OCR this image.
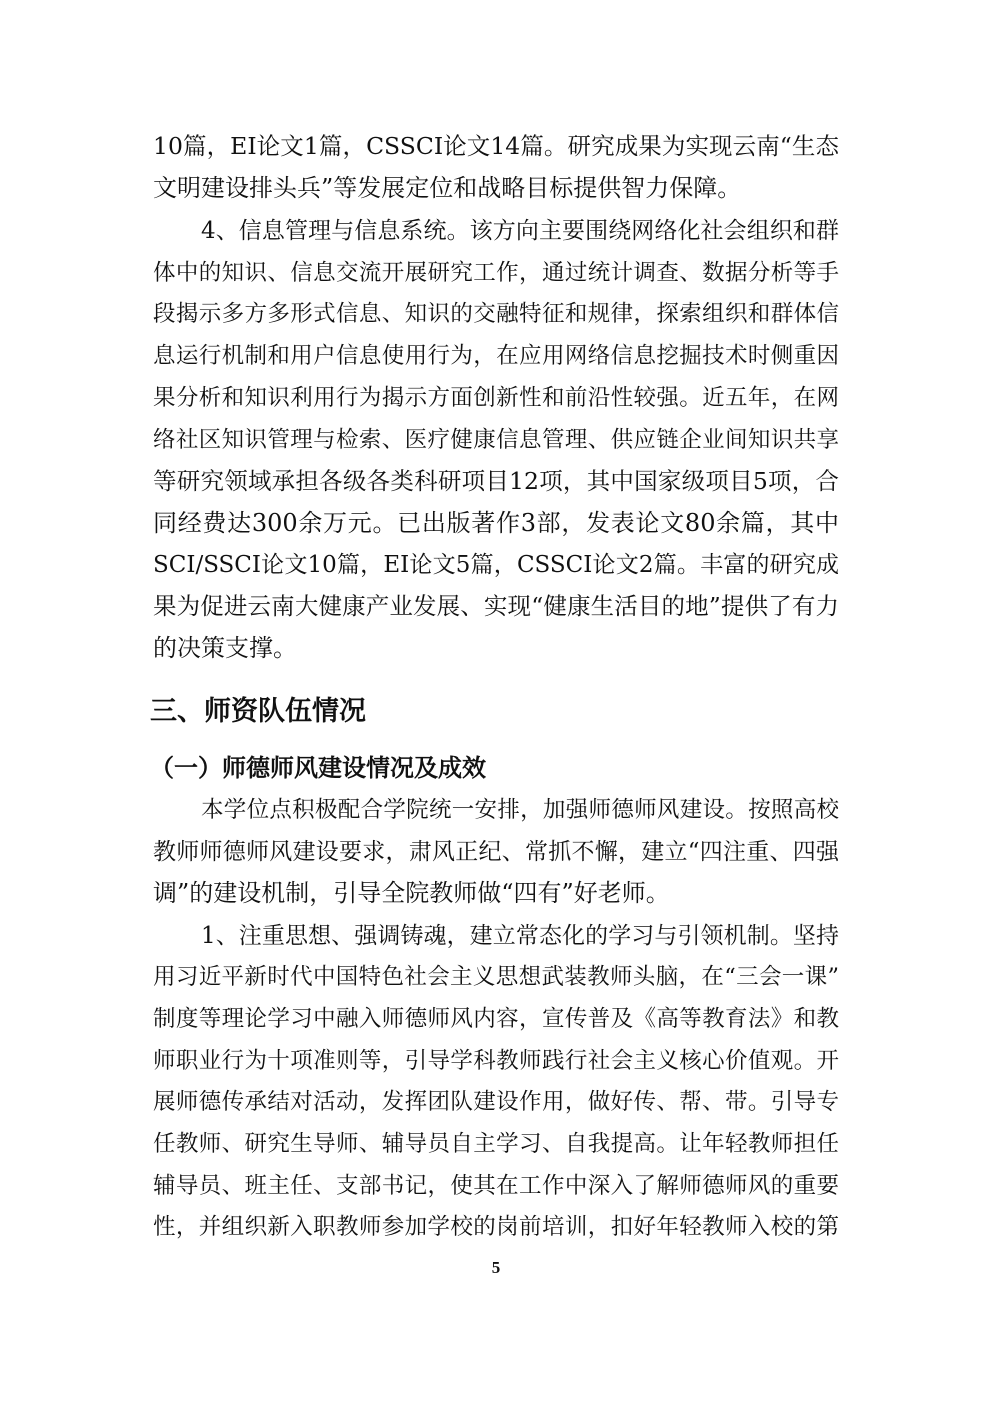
10篇，EI论文1篇，CSSCI论文14篇。研究成果为实现云南“生态
文明建设排头兵”等发展定位和战略目标提供智力保障。
4、信息管理与信息系统。该方向主要围绕网络化社会组织和群
体中的知识、信息交流开展研究工作，通过统计调查、数据分析等手
段揭示多方多形式信息、知识的交融特征和规律，探索组织和群体信
息运行机制和用户信息使用行为，在应用网络信息挖掘技术时侧重因
果分析和知识利用行为揭示方面创新性和前沿性较强。近五年，在网
络社区知识管理与检索、医疗健康信息管理、供应链企业间知识共享
等研究领域承担各级各类科研项目12项，其中国家级项目5项，合
同经费达300余万元。已出版著作3部，发表论文80余篇，其中
SCI/SSCI论文10篇，EI论文5篇，CSSCI论文2篇。丰富的研究成
果为促进云南大健康产业发展、实现“健康生活目的地”提供了有力
的决策支撑。
三、师资队伍情况
（一）师德师风建设情况及成效
本学位点积极配合学院统一安排，加强师德师风建设。按照高校
教师师德师风建设要求，肃风正纪、常抓不懈，建立“四注重、四强
调”的建设机制，引导全院教师做“四有”好老师。
1、注重思想、强调铸魂，建立常态化的学习与引领机制。坚持
用习近平新时代中国特色社会主义思想武装教师头脑，在“三会一课”
制度等理论学习中融入师德师风内容，宣传普及《高等教育法》和教
师职业行为十项准则等，引导学科教师践行社会主义核心价值观。开
展师德传承结对活动，发挥团队建设作用，做好传、帮、带。引导专
任教师、研究生导师、辅导员自主学习、自我提高。让年轻教师担任
辅导员、班主任、支部书记，使其在工作中深入了解师德师风的重要
性，并组织新入职教师参加学校的岗前培训，扣好年轻教师入校的第
5
